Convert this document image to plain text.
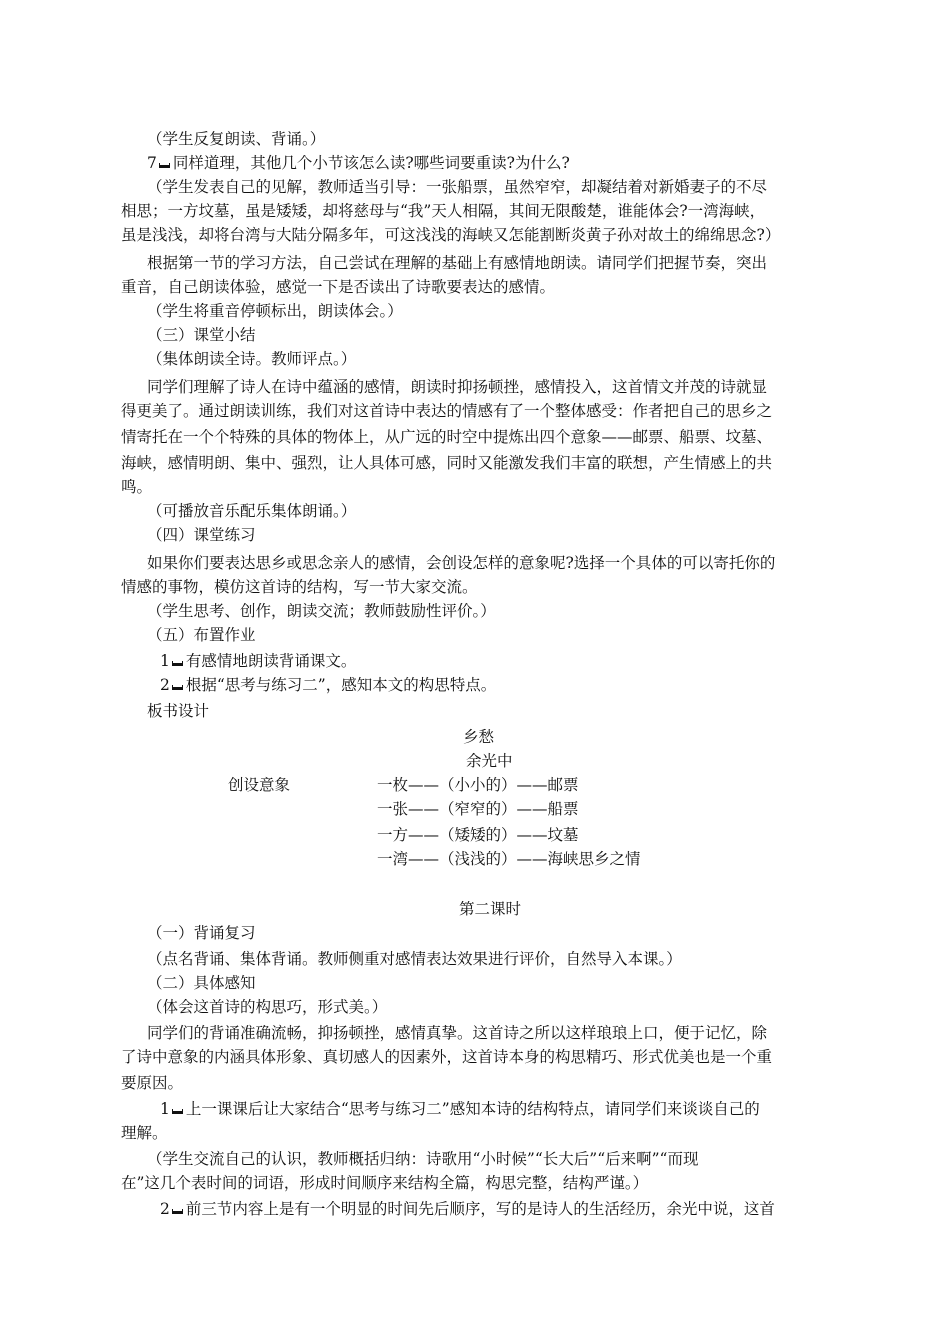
（学生反复朗读、背诵。）
7 同样道理，其他几个小节该怎么读?哪些词要重读?为什么?
（学生发表自己的见解，教师适当引导：一张船票，虽然窄窄，却凝结着对新婚妻子的不尽
相思；一方坟墓，虽是矮矮，却将慈母与“我”天人相隔，其间无限酸楚，谁能体会?一湾海峡，
虽是浅浅，却将台湾与大陆分隔多年，可这浅浅的海峡又怎能割断炎黄子孙对故土的绵绵思念?）
根据第一节的学习方法，自己尝试在理解的基础上有感情地朗读。请同学们把握节奏，突出
重音，自己朗读体验，感觉一下是否读出了诗歌要表达的感情。
（学生将重音停顿标出，朗读体会。）
（三）课堂小结
（集体朗读全诗。教师评点。）
同学们理解了诗人在诗中蕴涵的感情，朗读时抑扬顿挫，感情投入，这首情文并茂的诗就显
得更美了。通过朗读训练，我们对这首诗中表达的情感有了一个整体感受：作者把自己的思乡之
情寄托在一个个特殊的具体的物体上，从广远的时空中提炼出四个意象——邮票、船票、坟墓、
海峡，感情明朗、集中、强烈，让人具体可感，同时又能激发我们丰富的联想，产生情感上的共
鸣。
（可播放音乐配乐集体朗诵。）
（四）课堂练习
如果你们要表达思乡或思念亲人的感情，会创设怎样的意象呢?选择一个具体的可以寄托你的
情感的事物，模仿这首诗的结构，写一节大家交流。
（学生思考、创作，朗读交流；教师鼓励性评价。）
（五）布置作业
1 有感情地朗读背诵课文。
2 根据“思考与练习二”，感知本文的构思特点。
板书设计
乡愁
余光中
创设意象	一枚——（小小的）——邮票
一张——（窄窄的）——船票
一方——（矮矮的）——坟墓
一湾——（浅浅的）——海峡思乡之情
第二课时
（一）背诵复习
（点名背诵、集体背诵。教师侧重对感情表达效果进行评价，自然导入本课。）
（二）具体感知
（体会这首诗的构思巧，形式美。）
同学们的背诵准确流畅，抑扬顿挫，感情真挚。这首诗之所以这样琅琅上口，便于记忆，除
了诗中意象的内涵具体形象、真切感人的因素外，这首诗本身的构思精巧、形式优美也是一个重
要原因。
1 上一课课后让大家结合“思考与练习二”感知本诗的结构特点，请同学们来谈谈自己的
理解。
（学生交流自己的认识，教师概括归纳：诗歌用“小时候”“长大后”“后来啊”“而现
在”这几个表时间的词语，形成时间顺序来结构全篇，构思完整，结构严谨。）
2 前三节内容上是有一个明显的时间先后顺序，写的是诗人的生活经历，余光中说，这首
